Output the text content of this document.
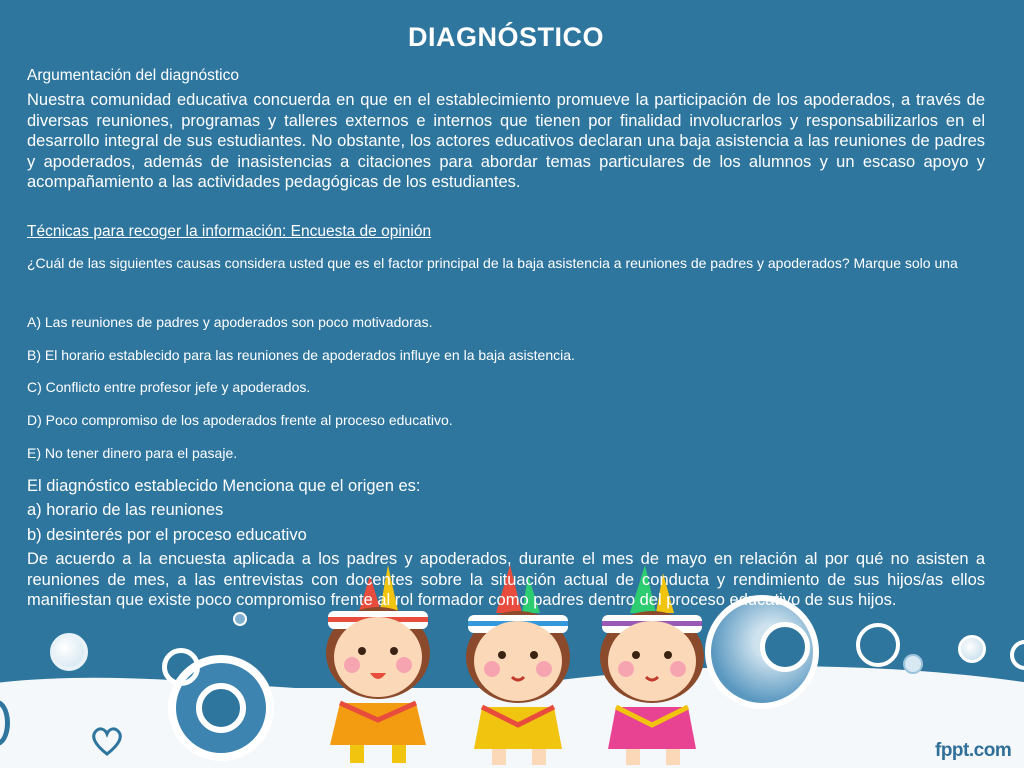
DIAGNÓSTICO
Argumentación del diagnóstico
Nuestra comunidad educativa concuerda en que en el establecimiento promueve la participación de los apoderados, a través de diversas reuniones, programas y talleres externos e internos que tienen por finalidad involucrarlos y responsabilizarlos en el desarrollo integral de sus estudiantes. No obstante, los actores educativos declaran una baja asistencia a las reuniones de padres y apoderados, además de inasistencias a citaciones para abordar temas particulares de los alumnos y un escaso apoyo y acompañamiento a las actividades pedagógicas de los estudiantes.
Técnicas para recoger la información: Encuesta de opinión
¿Cuál de las siguientes causas considera usted que es el factor principal de la baja asistencia a reuniones de padres y apoderados? Marque solo una
A) Las reuniones de padres y apoderados son poco motivadoras.
B) El horario establecido para las reuniones de apoderados influye en la baja asistencia.
C) Conflicto entre profesor jefe y apoderados.
D) Poco compromiso de los apoderados frente al proceso educativo.
E) No tener dinero para el pasaje.
El diagnóstico establecido Menciona que el origen es:
a) horario de las reuniones
b) desinterés por el proceso educativo
De acuerdo a la encuesta aplicada a los padres y apoderados, durante el mes de mayo en relación al por qué no asisten a reuniones de mes, a las entrevistas con docentes sobre la situación actual de conducta y rendimiento de sus hijos/as ellos manifiestan que existe poco compromiso frente al rol formador como padres dentro del proceso educativo de sus hijos.
fppt.com
